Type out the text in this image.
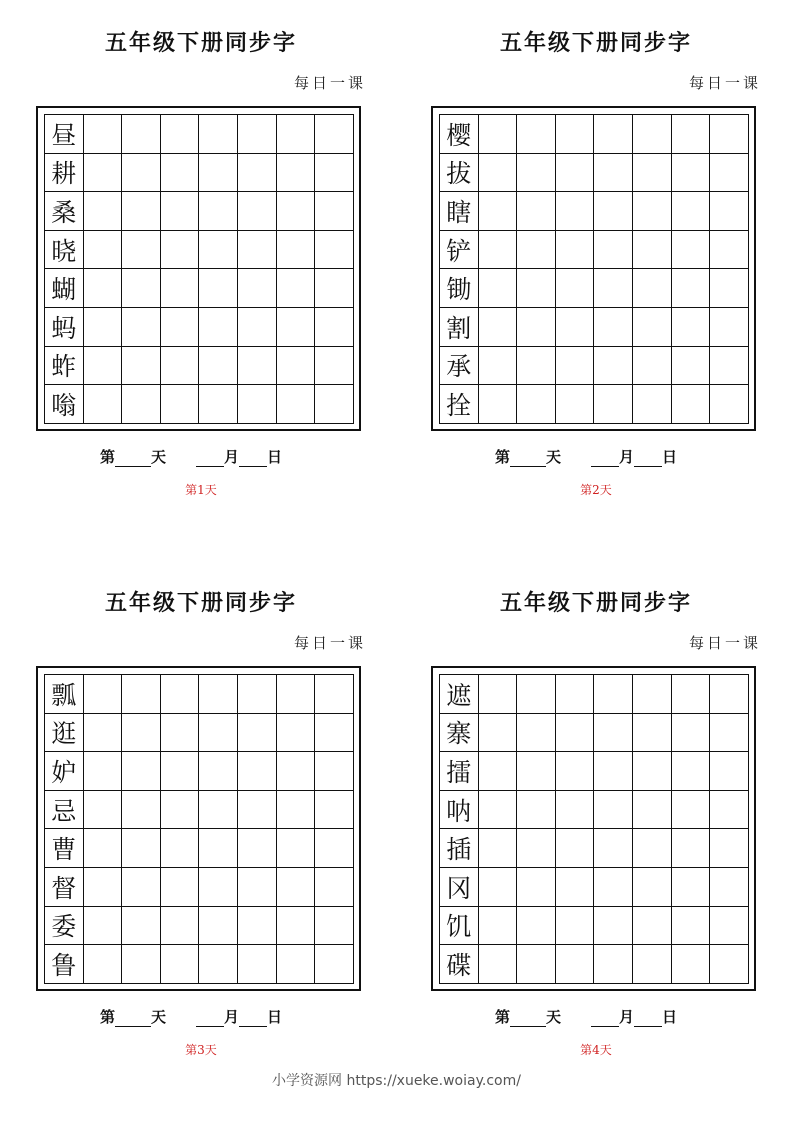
五年级下册同步字
每日一课
昼
耕
桑
晓
蝴
蚂
蚱
嗡
第 天	月 日
第1天
五年级下册同步字
每日一课
樱
拔
瞎
铲
锄
割
承
拴
第 天	月 日
第2天
五年级下册同步字
每日一课
瓢
逛
妒
忌
曹
督
委
鲁
第 天	月 日
第3天
五年级下册同步字
每日一课
遮
寨
擂
呐
插
冈
饥
碟
第 天	月 日
第4天
小学资源网 https://xueke.woiay.com/
